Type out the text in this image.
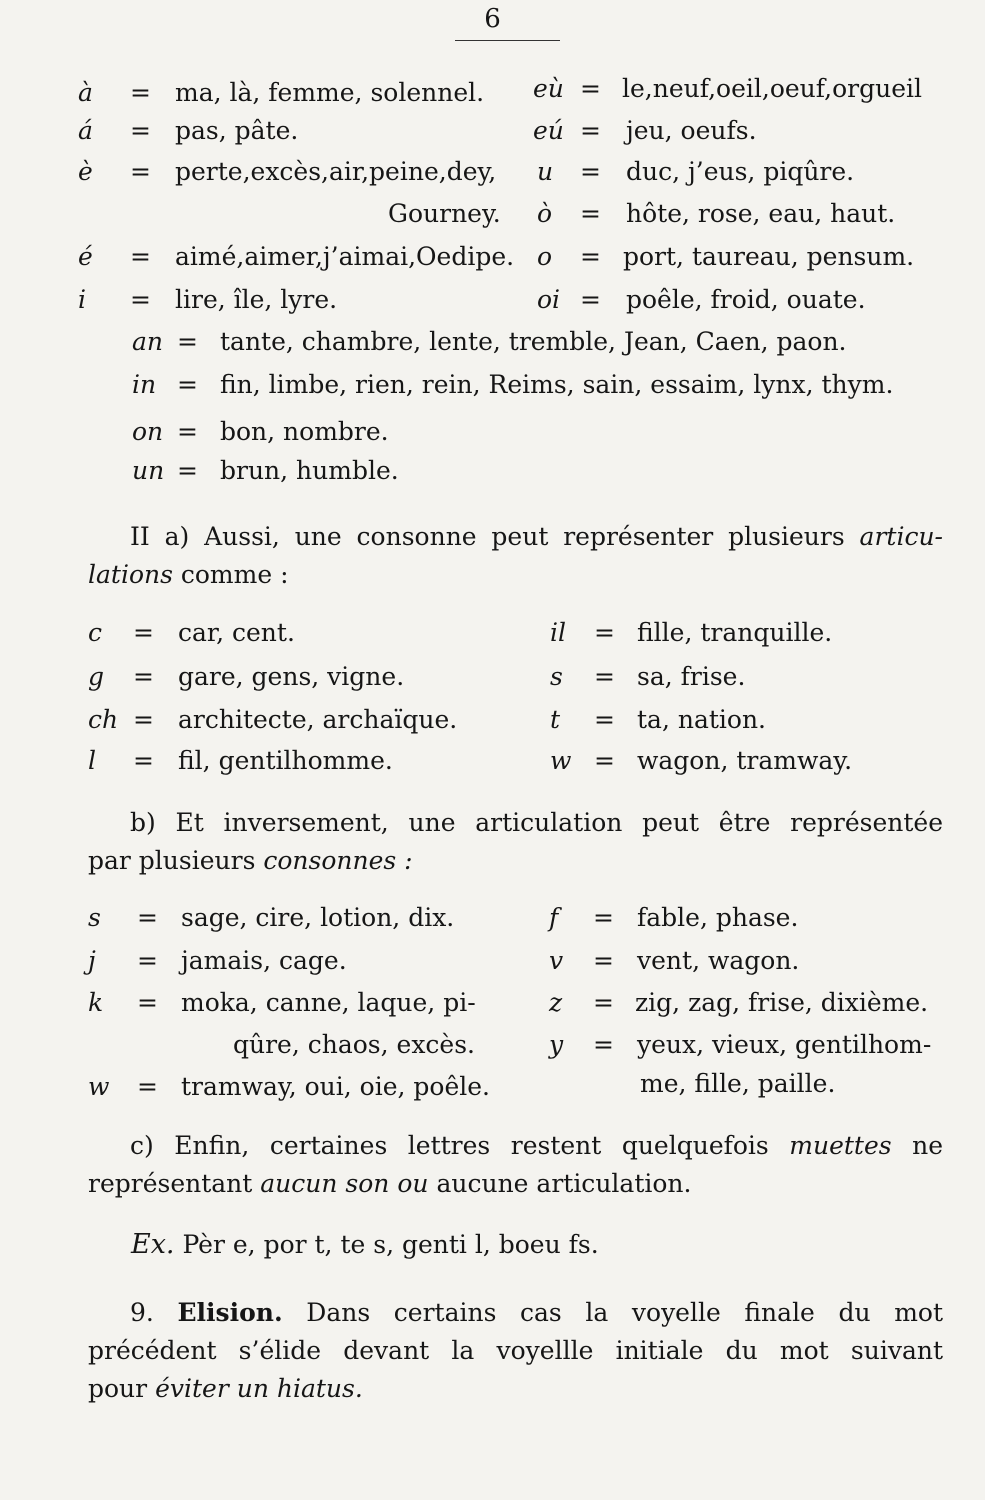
6
à = ma, là, femme, solennel.
á = pas, pâte.
è = perte,excès,air,peine,dey,
Gourney.
é = aimé,aimer,j’aimai,Oedipe.
i = lire, île, lyre.
eù = le,neuf,oeil,oeuf,orgueil
eú = jeu, oeufs.
u = duc, j’eus, piqûre.
ò = hôte, rose, eau, haut.
o = port, taureau, pensum.
oi = poêle, froid, ouate.
an = tante, chambre, lente, tremble, Jean, Caen, paon.
in = fin, limbe, rien, rein, Reims, sain, essaim, lynx, thym.
on = bon, nombre.
un = brun, humble.
II a) Aussi, une consonne peut représenter plusieurs articu-
lations comme :
c = car, cent.
g = gare, gens, vigne.
ch = architecte, archaïque.
l = fil, gentilhomme.
il = fille, tranquille.
s = sa, frise.
t = ta, nation.
w = wagon, tramway.
b) Et inversement, une articulation peut être représentée
par plusieurs consonnes :
s = sage, cire, lotion, dix.
j = jamais, cage.
k = moka, canne, laque, pi-
qûre, chaos, excès.
w = tramway, oui, oie, poêle.
f = fable, phase.
v = vent, wagon.
z = zig, zag, frise, dixième.
y = yeux, vieux, gentilhom-
me, fille, paille.
c) Enfin, certaines lettres restent quelquefois muettes ne
représentant aucun son ou aucune articulation.
Ex. Pèr e, por t, te s, genti l, boeu fs.
9. Elision. Dans certains cas la voyelle finale du mot
précédent s’élide devant la voyellle initiale du mot suivant
pour éviter un hiatus.
